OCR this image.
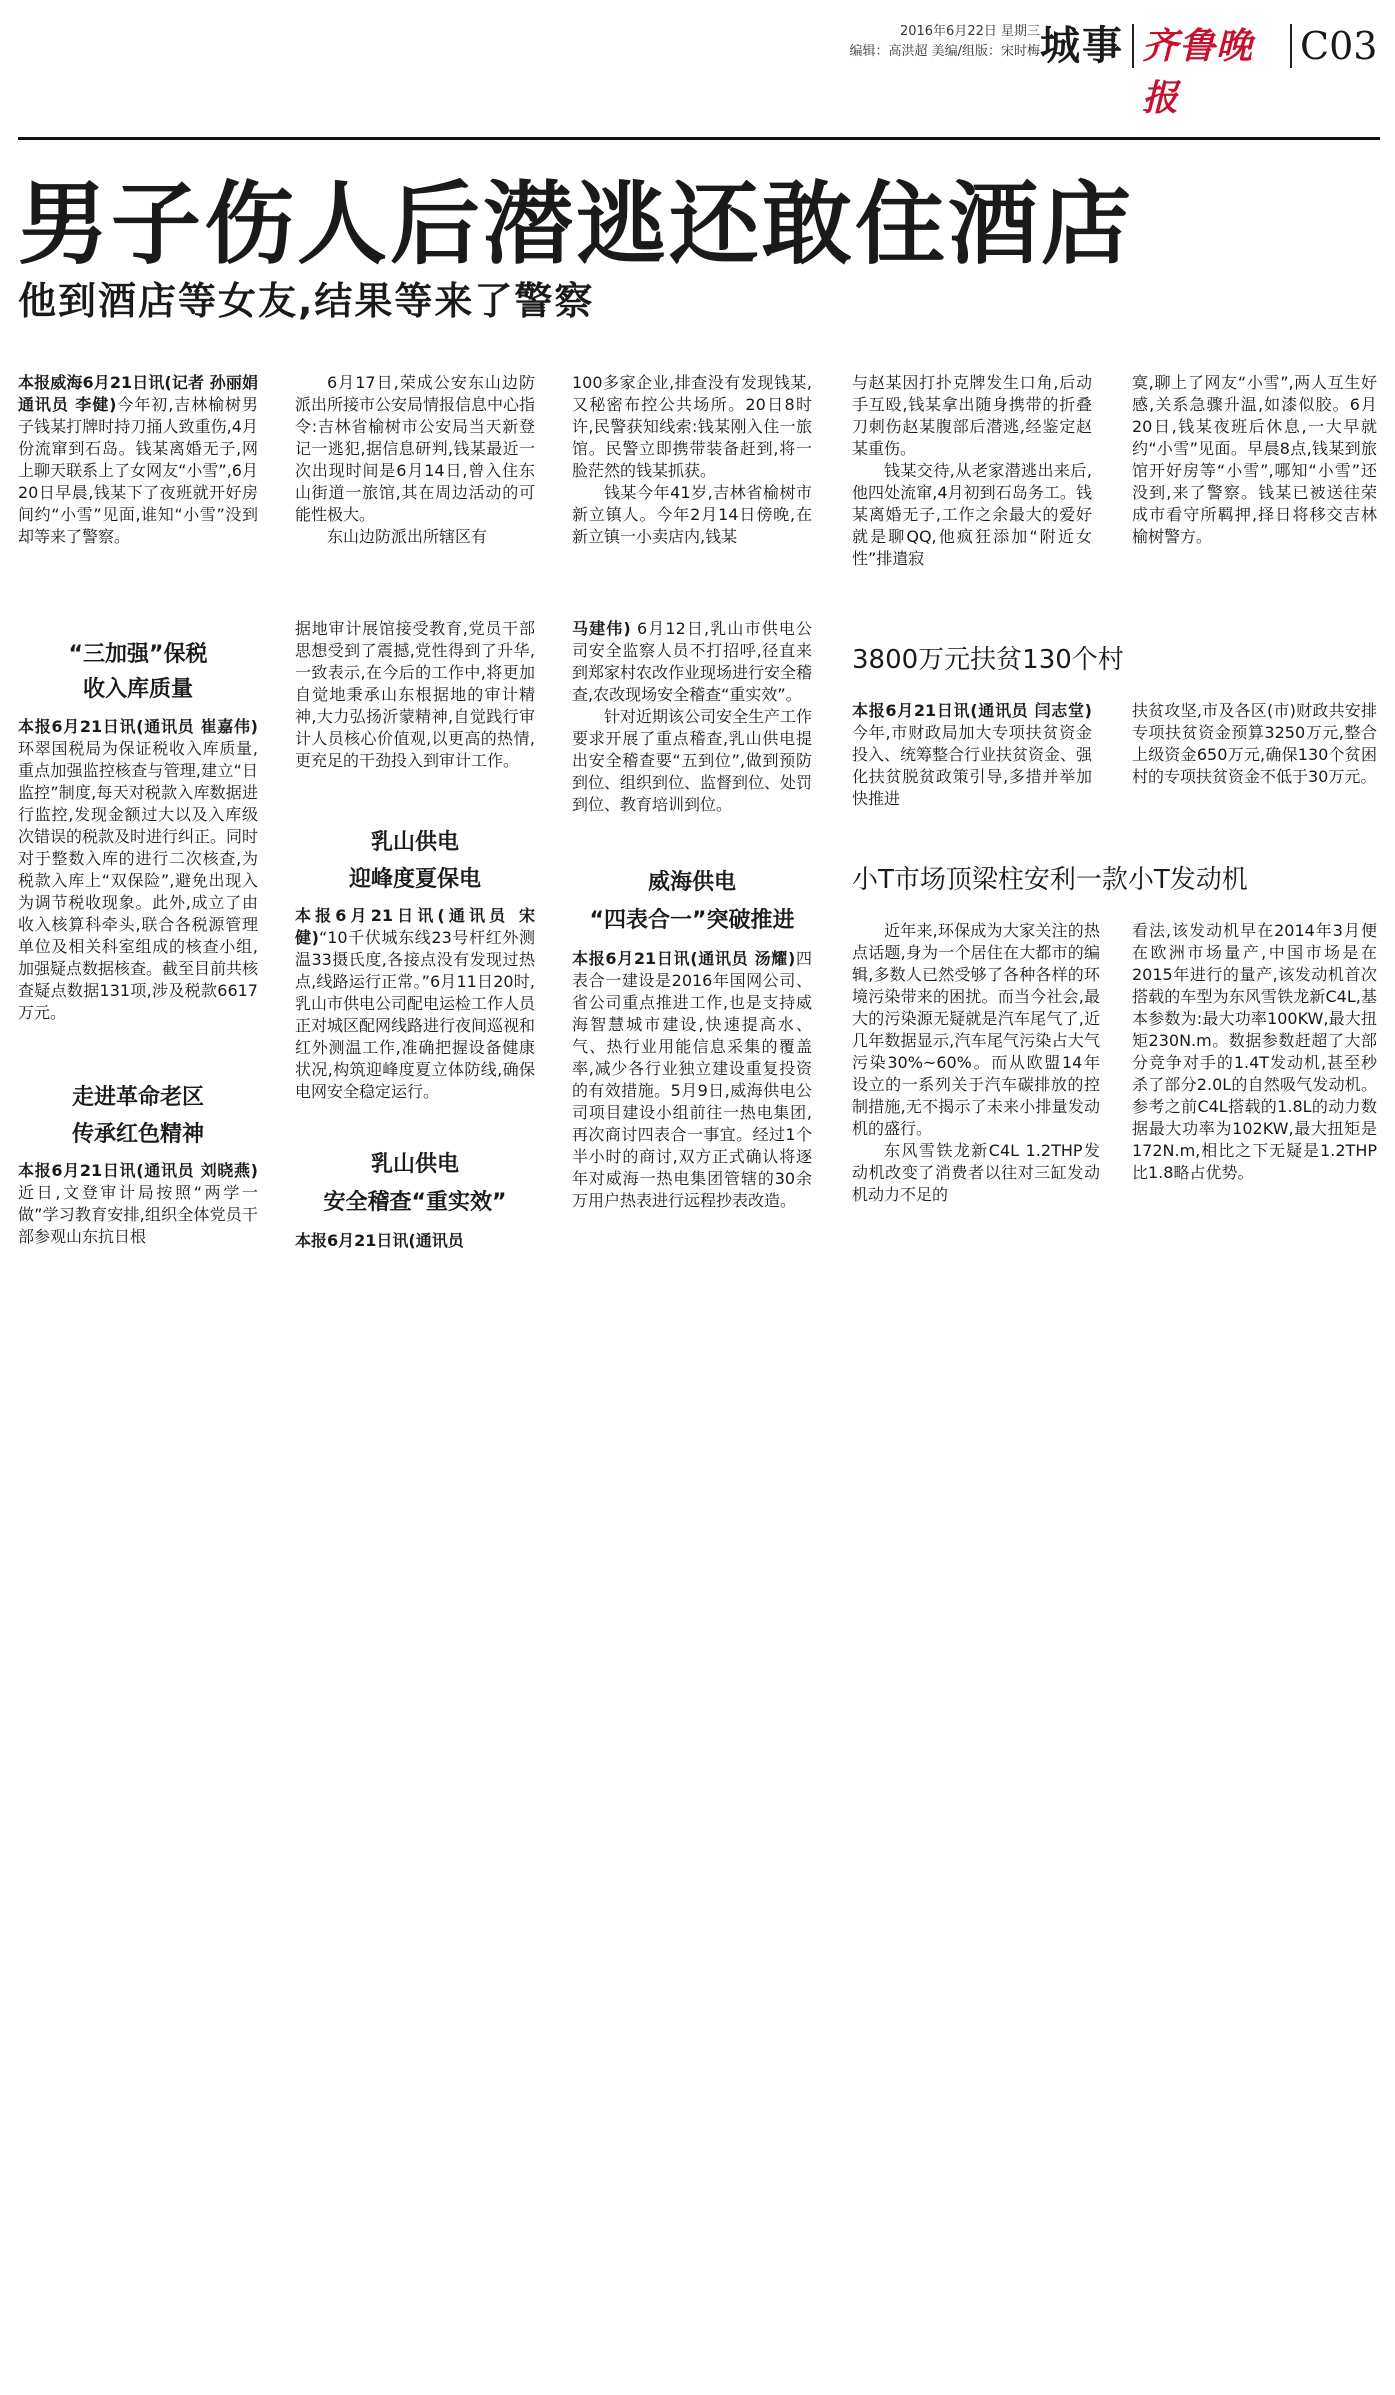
2016年6月22日 星期三
编辑：高洪超 美编/组版：宋时梅 城事 齐鲁晚报
C03
男子伤人后潜逃还敢住酒店
他到酒店等女友,结果等来了警察

本报威海6月21日讯(记者 孙丽娟 通讯员 李健)今年初,吉林榆树男子钱某打牌时持刀捅人致重伤,4月份流窜到石岛。钱某离婚无子,网上聊天联系上了女网友“小雪”,6月20日早晨,钱某下了夜班就开好房间约“小雪”见面,谁知“小雪”没到却等来了警察。

6月17日,荣成公安东山边防派出所接市公安局情报信息中心指令:吉林省榆树市公安局当天新登记一逃犯,据信息研判,钱某最近一次出现时间是6月14日,曾入住东山街道一旅馆,其在周边活动的可能性极大。

东山边防派出所辖区有

100多家企业,排查没有发现钱某,又秘密布控公共场所。20日8时许,民警获知线索:钱某刚入住一旅馆。民警立即携带装备赶到,将一脸茫然的钱某抓获。

钱某今年41岁,吉林省榆树市新立镇人。今年2月14日傍晚,在新立镇一小卖店内,钱某

与赵某因打扑克牌发生口角,后动手互殴,钱某拿出随身携带的折叠刀刺伤赵某腹部后潜逃,经鉴定赵某重伤。

钱某交待,从老家潜逃出来后,他四处流窜,4月初到石岛务工。钱某离婚无子,工作之余最大的爱好就是聊QQ,他疯狂添加“附近女性”排遣寂

寞,聊上了网友“小雪”,两人互生好感,关系急骤升温,如漆似胶。6月20日,钱某夜班后休息,一大早就约“小雪”见面。早晨8点,钱某到旅馆开好房等“小雪”,哪知“小雪”还没到,来了警察。钱某已被送往荣成市看守所羁押,择日将移交吉林榆树警方。

“三加强”保税
收入库质量

本报6月21日讯(通讯员 崔嘉伟)环翠国税局为保证税收入库质量,重点加强监控核查与管理,建立“日监控”制度,每天对税款入库数据进行监控,发现金额过大以及入库级次错误的税款及时进行纠正。同时对于整数入库的进行二次核查,为税款入库上“双保险”,避免出现入为调节税收现象。此外,成立了由收入核算科牵头,联合各税源管理单位及相关科室组成的核查小组,加强疑点数据核查。截至目前共核查疑点数据131项,涉及税款6617万元。

走进革命老区
传承红色精神

本报6月21日讯(通讯员 刘晓燕)近日,文登审计局按照“两学一做”学习教育安排,组织全体党员干部参观山东抗日根

据地审计展馆接受教育,党员干部思想受到了震撼,党性得到了升华,一致表示,在今后的工作中,将更加自觉地秉承山东根据地的审计精神,大力弘扬沂蒙精神,自觉践行审计人员核心价值观,以更高的热情,更充足的干劲投入到审计工作。

乳山供电
迎峰度夏保电

本报6月21日讯(通讯员 宋健)“10千伏城东线23号杆红外测温33摄氏度,各接点没有发现过热点,线路运行正常。”6月11日20时,乳山市供电公司配电运检工作人员正对城区配网线路进行夜间巡视和红外测温工作,准确把握设备健康状况,构筑迎峰度夏立体防线,确保电网安全稳定运行。

乳山供电
安全稽查“重实效”

本报6月21日讯(通讯员

马建伟) 6月12日,乳山市供电公司安全监察人员不打招呼,径直来到郑家村农改作业现场进行安全稽查,农改现场安全稽查“重实效”。

针对近期该公司安全生产工作要求开展了重点稽查,乳山供电提出安全稽查要“五到位”,做到预防到位、组织到位、监督到位、处罚到位、教育培训到位。

威海供电
“四表合一”突破推进

本报6月21日讯(通讯员 汤耀)四表合一建设是2016年国网公司、省公司重点推进工作,也是支持威海智慧城市建设,快速提高水、气、热行业用能信息采集的覆盖率,减少各行业独立建设重复投资的有效措施。5月9日,威海供电公司项目建设小组前往一热电集团,再次商讨四表合一事宜。经过1个半小时的商讨,双方正式确认将逐年对威海一热电集团管辖的30余万用户热表进行远程抄表改造。

3800万元扶贫130个村

本报6月21日讯(通讯员 闫志堂)今年,市财政局加大专项扶贫资金投入、统筹整合行业扶贫资金、强化扶贫脱贫政策引导,多措并举加快推进

扶贫攻坚,市及各区(市)财政共安排专项扶贫资金预算3250万元,整合上级资金650万元,确保130个贫困村的专项扶贫资金不低于30万元。

小T市场顶梁柱安利一款小T发动机

近年来,环保成为大家关注的热点话题,身为一个居住在大都市的编辑,多数人已然受够了各种各样的环境污染带来的困扰。而当今社会,最大的污染源无疑就是汽车尾气了,近几年数据显示,汽车尾气污染占大气污染30%~60%。而从欧盟14年设立的一系列关于汽车碳排放的控制措施,无不揭示了未来小排量发动机的盛行。

东风雪铁龙新C4L 1.2THP发动机改变了消费者以往对三缸发动机动力不足的

看法,该发动机早在2014年3月便在欧洲市场量产,中国市场是在2015年进行的量产,该发动机首次搭载的车型为东风雪铁龙新C4L,基本参数为:最大功率100KW,最大扭矩230N.m。数据参数赶超了大部分竞争对手的1.4T发动机,甚至秒杀了部分2.0L的自然吸气发动机。参考之前C4L搭载的1.8L的动力数据最大功率为102KW,最大扭矩是172N.m,相比之下无疑是1.2THP比1.8略占优势。
